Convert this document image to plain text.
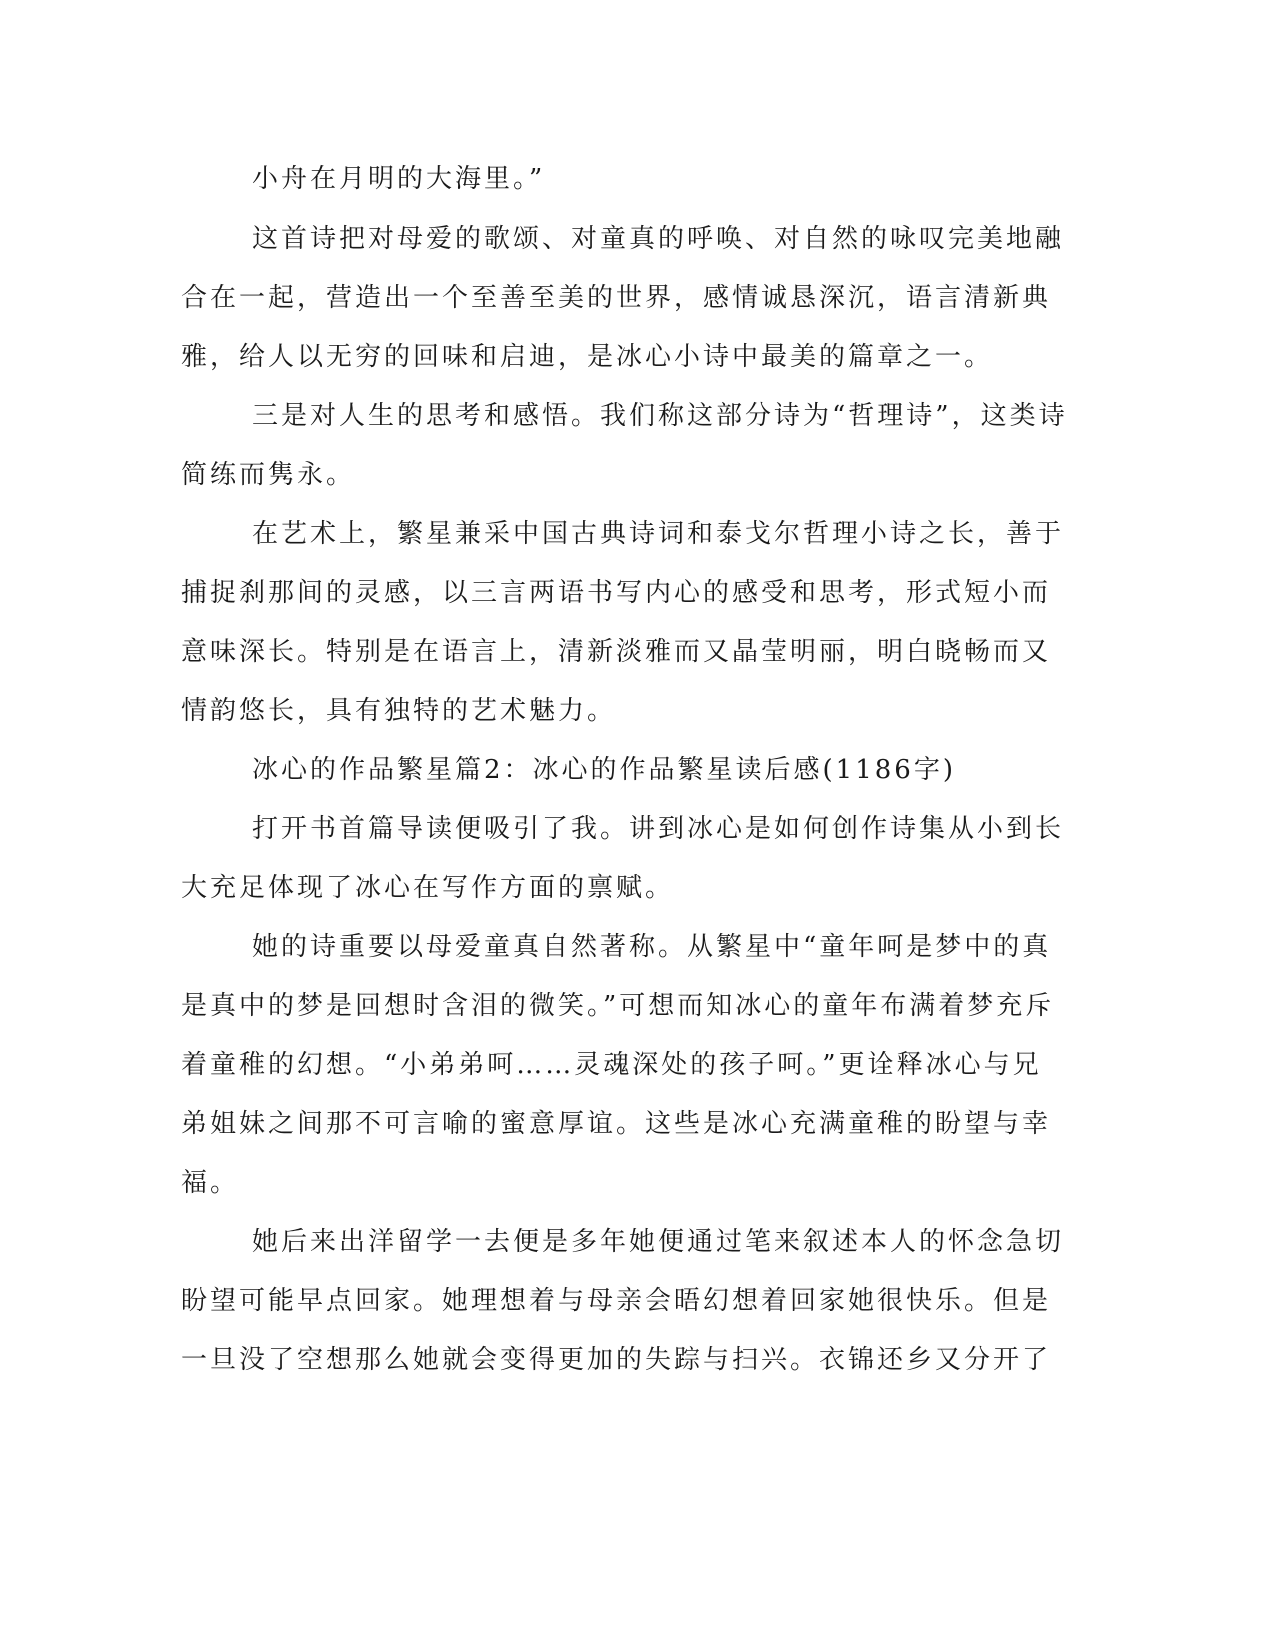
小舟在月明的大海里。”
这首诗把对母爱的歌颂、对童真的呼唤、对自然的咏叹完美地融
合在一起，营造出一个至善至美的世界，感情诚恳深沉，语言清新典
雅，给人以无穷的回味和启迪，是冰心小诗中最美的篇章之一。
三是对人生的思考和感悟。我们称这部分诗为“哲理诗”，这类诗
简练而隽永。
在艺术上，繁星兼采中国古典诗词和泰戈尔哲理小诗之长，善于
捕捉刹那间的灵感，以三言两语书写内心的感受和思考，形式短小而
意味深长。特别是在语言上，清新淡雅而又晶莹明丽，明白晓畅而又
情韵悠长，具有独特的艺术魅力。
冰心的作品繁星篇2：冰心的作品繁星读后感(1186字)
打开书首篇导读便吸引了我。讲到冰心是如何创作诗集从小到长
大充足体现了冰心在写作方面的禀赋。
她的诗重要以母爱童真自然著称。从繁星中“童年呵是梦中的真
是真中的梦是回想时含泪的微笑。”可想而知冰心的童年布满着梦充斥
着童稚的幻想。“小弟弟呵……灵魂深处的孩子呵。”更诠释冰心与兄
弟姐妹之间那不可言喻的蜜意厚谊。这些是冰心充满童稚的盼望与幸
福。
她后来出洋留学一去便是多年她便通过笔来叙述本人的怀念急切
盼望可能早点回家。她理想着与母亲会晤幻想着回家她很快乐。但是
一旦没了空想那么她就会变得更加的失踪与扫兴。衣锦还乡又分开了
